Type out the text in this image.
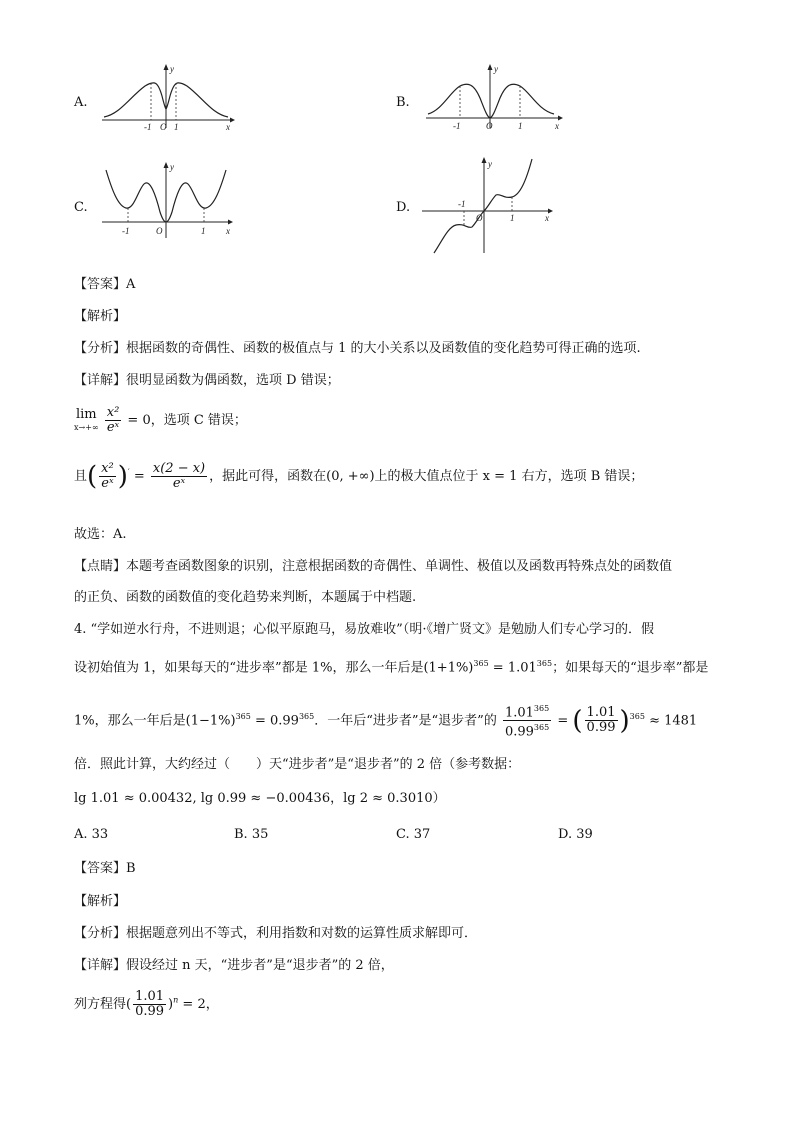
A.
-1 O 1	x
y
B.
-1	O	1	x
y
C.
-1	O	1 x
y
D.	-1
O	1	x
y
【答案】A
【解析】
【分析】根据函数的奇偶性、函数的极值点与 1 的大小关系以及函数值的变化趋势可得正确的选项.
【详解】很明显函数为偶函数，选项 D 错误；
lim
x→+∞
$\frac{\text{x²}}{\text{eˣ}} = 0$，选项 C 错误；
且( $\frac{\text{x²}}{\text{eˣ}} )' = \frac{x(2 - x)}{\text{eˣ}}$ ，据此可得，函数在(0, +∞)上的极大值点位于 x = 1 右方，选项 B 错误；
故选：A.
【点睛】本题考查函数图象的识别，注意根据函数的奇偶性、单调性、极值以及函数再特殊点处的函数值
的正负、函数的函数值的变化趋势来判断，本题属于中档题.
4. “学如逆水行舟，不进则退；心似平原跑马，易放难收”（明·《增广贤文》是勉励人们专心学习的．假
设初始值为 1，如果每天的“进步率”都是 1%，那么一年后是$(1+1\%)^{365} = 1.01^{365}$；如果每天的“退步率”都是
1%，那么一年后是$(1-1\%)^{365} = 0.99^{365}$．一年后“进步者”是“退步者”的 $\frac{1.01^{365}}{0.99^{365}}$ = ( $\frac{1.01}{0.99} )^{365} \approx 1481$
倍．照此计算，大约经过（　　）天“进步者”是“退步者”的 2 倍（参考数据：
lg 1.01 ≈ 0.00432, lg 0.99 ≈ −0.00436，lg 2 ≈ 0.3010）
A. 33	B. 35	C. 37	D. 39
【答案】B
【解析】
【分析】根据题意列出不等式，利用指数和对数的运算性质求解即可．
【详解】假设经过 n 天，“进步者”是“退步者”的 2 倍，
列方程得( $\frac{1.01}{0.99} )^n = 2$，
